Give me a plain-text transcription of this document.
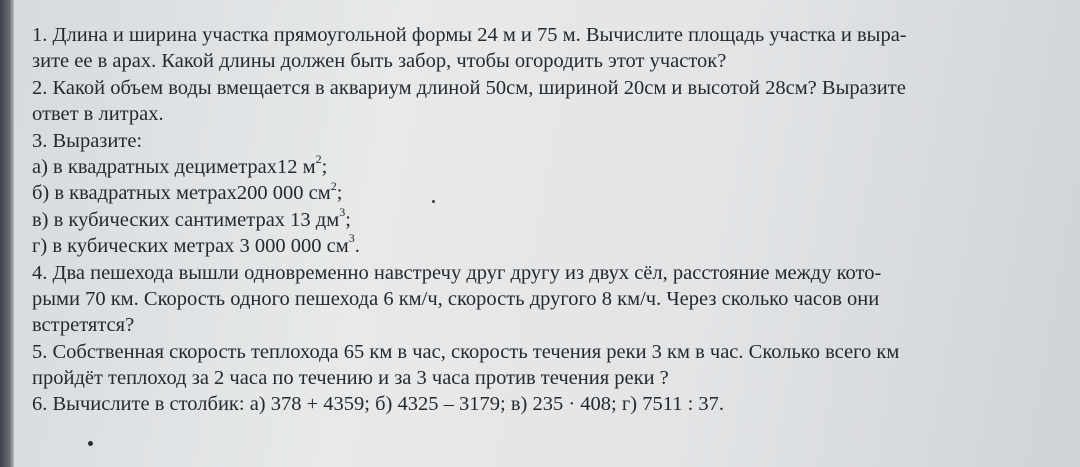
1. Длина и ширина участка прямоугольной формы 24 м и 75 м. Вычислите площадь участка и выра-
зите ее в арах. Какой длины должен быть забор, чтобы огородить этот участок?
2. Какой объем воды вмещается в аквариум длиной 50см, шириной 20см и высотой 28см? Выразите
ответ в литрах.
3. Выразите:
а) в квадратных дециметрах12 $м^2$;
б) в квадратных метрах200 000 $см^2$;
в) в кубических сантиметрах 13 $дм^3$;
г) в кубических метрах 3 000 000 $см^3$.
4. Два пешехода вышли одновременно навстречу друг другу из двух сёл, расстояние между кото-
рыми 70 км. Скорость одного пешехода 6 км/ч, скорость другого 8 км/ч. Через сколько часов они
встретятся?
5. Собственная скорость теплохода 65 км в час, скорость течения реки 3 км в час. Сколько всего км
пройдёт теплоход за 2 часа по течению и за 3 часа против течения реки ?
6. Вычислите в столбик: а) 378 + 4359; б) 4325 – 3179; в) 235 · 408; г) 7511 : 37.
